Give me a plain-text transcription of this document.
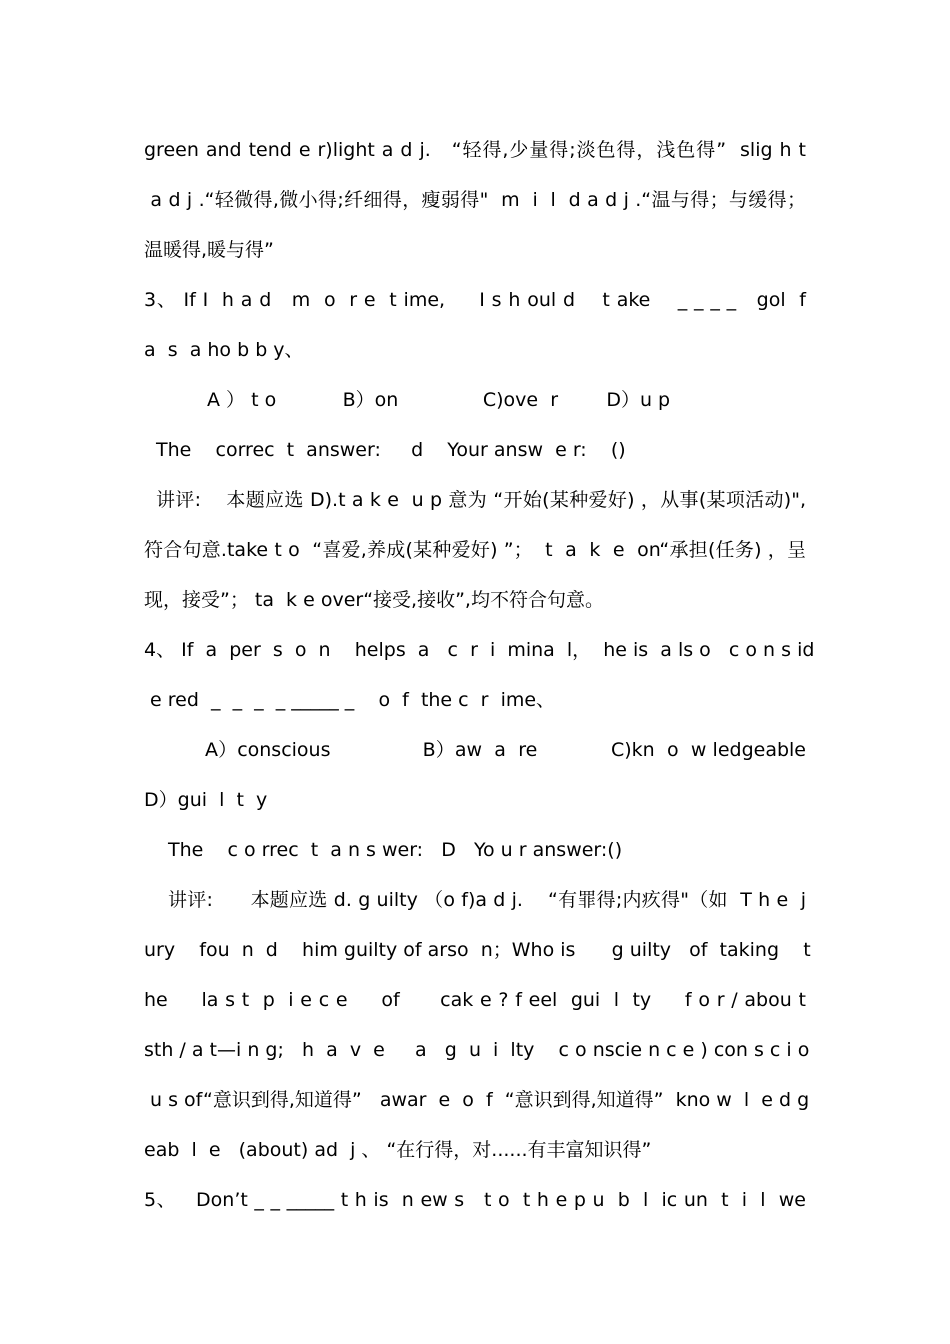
green and tend e r)light a d j.   “轻得,少量得;淡色得，浅色得”  slig h t
a d j .“轻微得,微小得;纤细得，瘦弱得"  m  i  l  d a d j .“温与得；与缓得；
温暖得,暖与得”
3、 If I  h a d   m  o  r e  t ime,     I s h oul d    t ake    _ _ _ _   gol  f
a  s  a ho b b y、
A ） t o           B）on              C)ove  r        D）u p
The    correc  t  answer:     d    Your answ  e r:    ()
讲评:    本题应选 D).t a k e  u p 意为 “开始(某种爱好) ，从事(某项活动)",
符合句意.take t o  “喜爱,养成(某种爱好) ”；  t  a  k  e  on“承担(任务) ，呈
现，接受”； ta  k e over“接受,接收”,均不符合句意。
4、 If  a  per  s  o  n    helps  a   c  r  i  mina  l，  he is  a ls o   c o n s id
e red  _  _  _  _ _____ _    o  f  the c  r  ime、
A）conscious               B）aw  a  re            C)kn  o  w ledgeable
D）gui  l  t  y
The    c o rrec  t  a n s wer:   D   Yo u r answer:()
讲评:      本题应选 d. g uilty （o f)a d j.    “有罪得;内疚得"（如  T h e  j
ury    fou  n  d    him guilty of arso  n；Who is      g uilty   of  taking    t
he     la s t  p  i e c e     of      cak e ? f eel  gui  l  ty     f o r / abou t
sth / a t—i n g;   h  a  v  e     a   g  u  i  lty    c o nscie n c e ) con s c i o
u s of“意识到得,知道得”   awar  e  o  f  “意识到得,知道得”  kno w  l  e d g
eab  l  e   (about) ad  j 、 “在行得，对......有丰富知识得”
5、   Don’t _ _ _____ t h is  n ew s   t o  t h e p u  b  l  ic un  t  i  l  we
